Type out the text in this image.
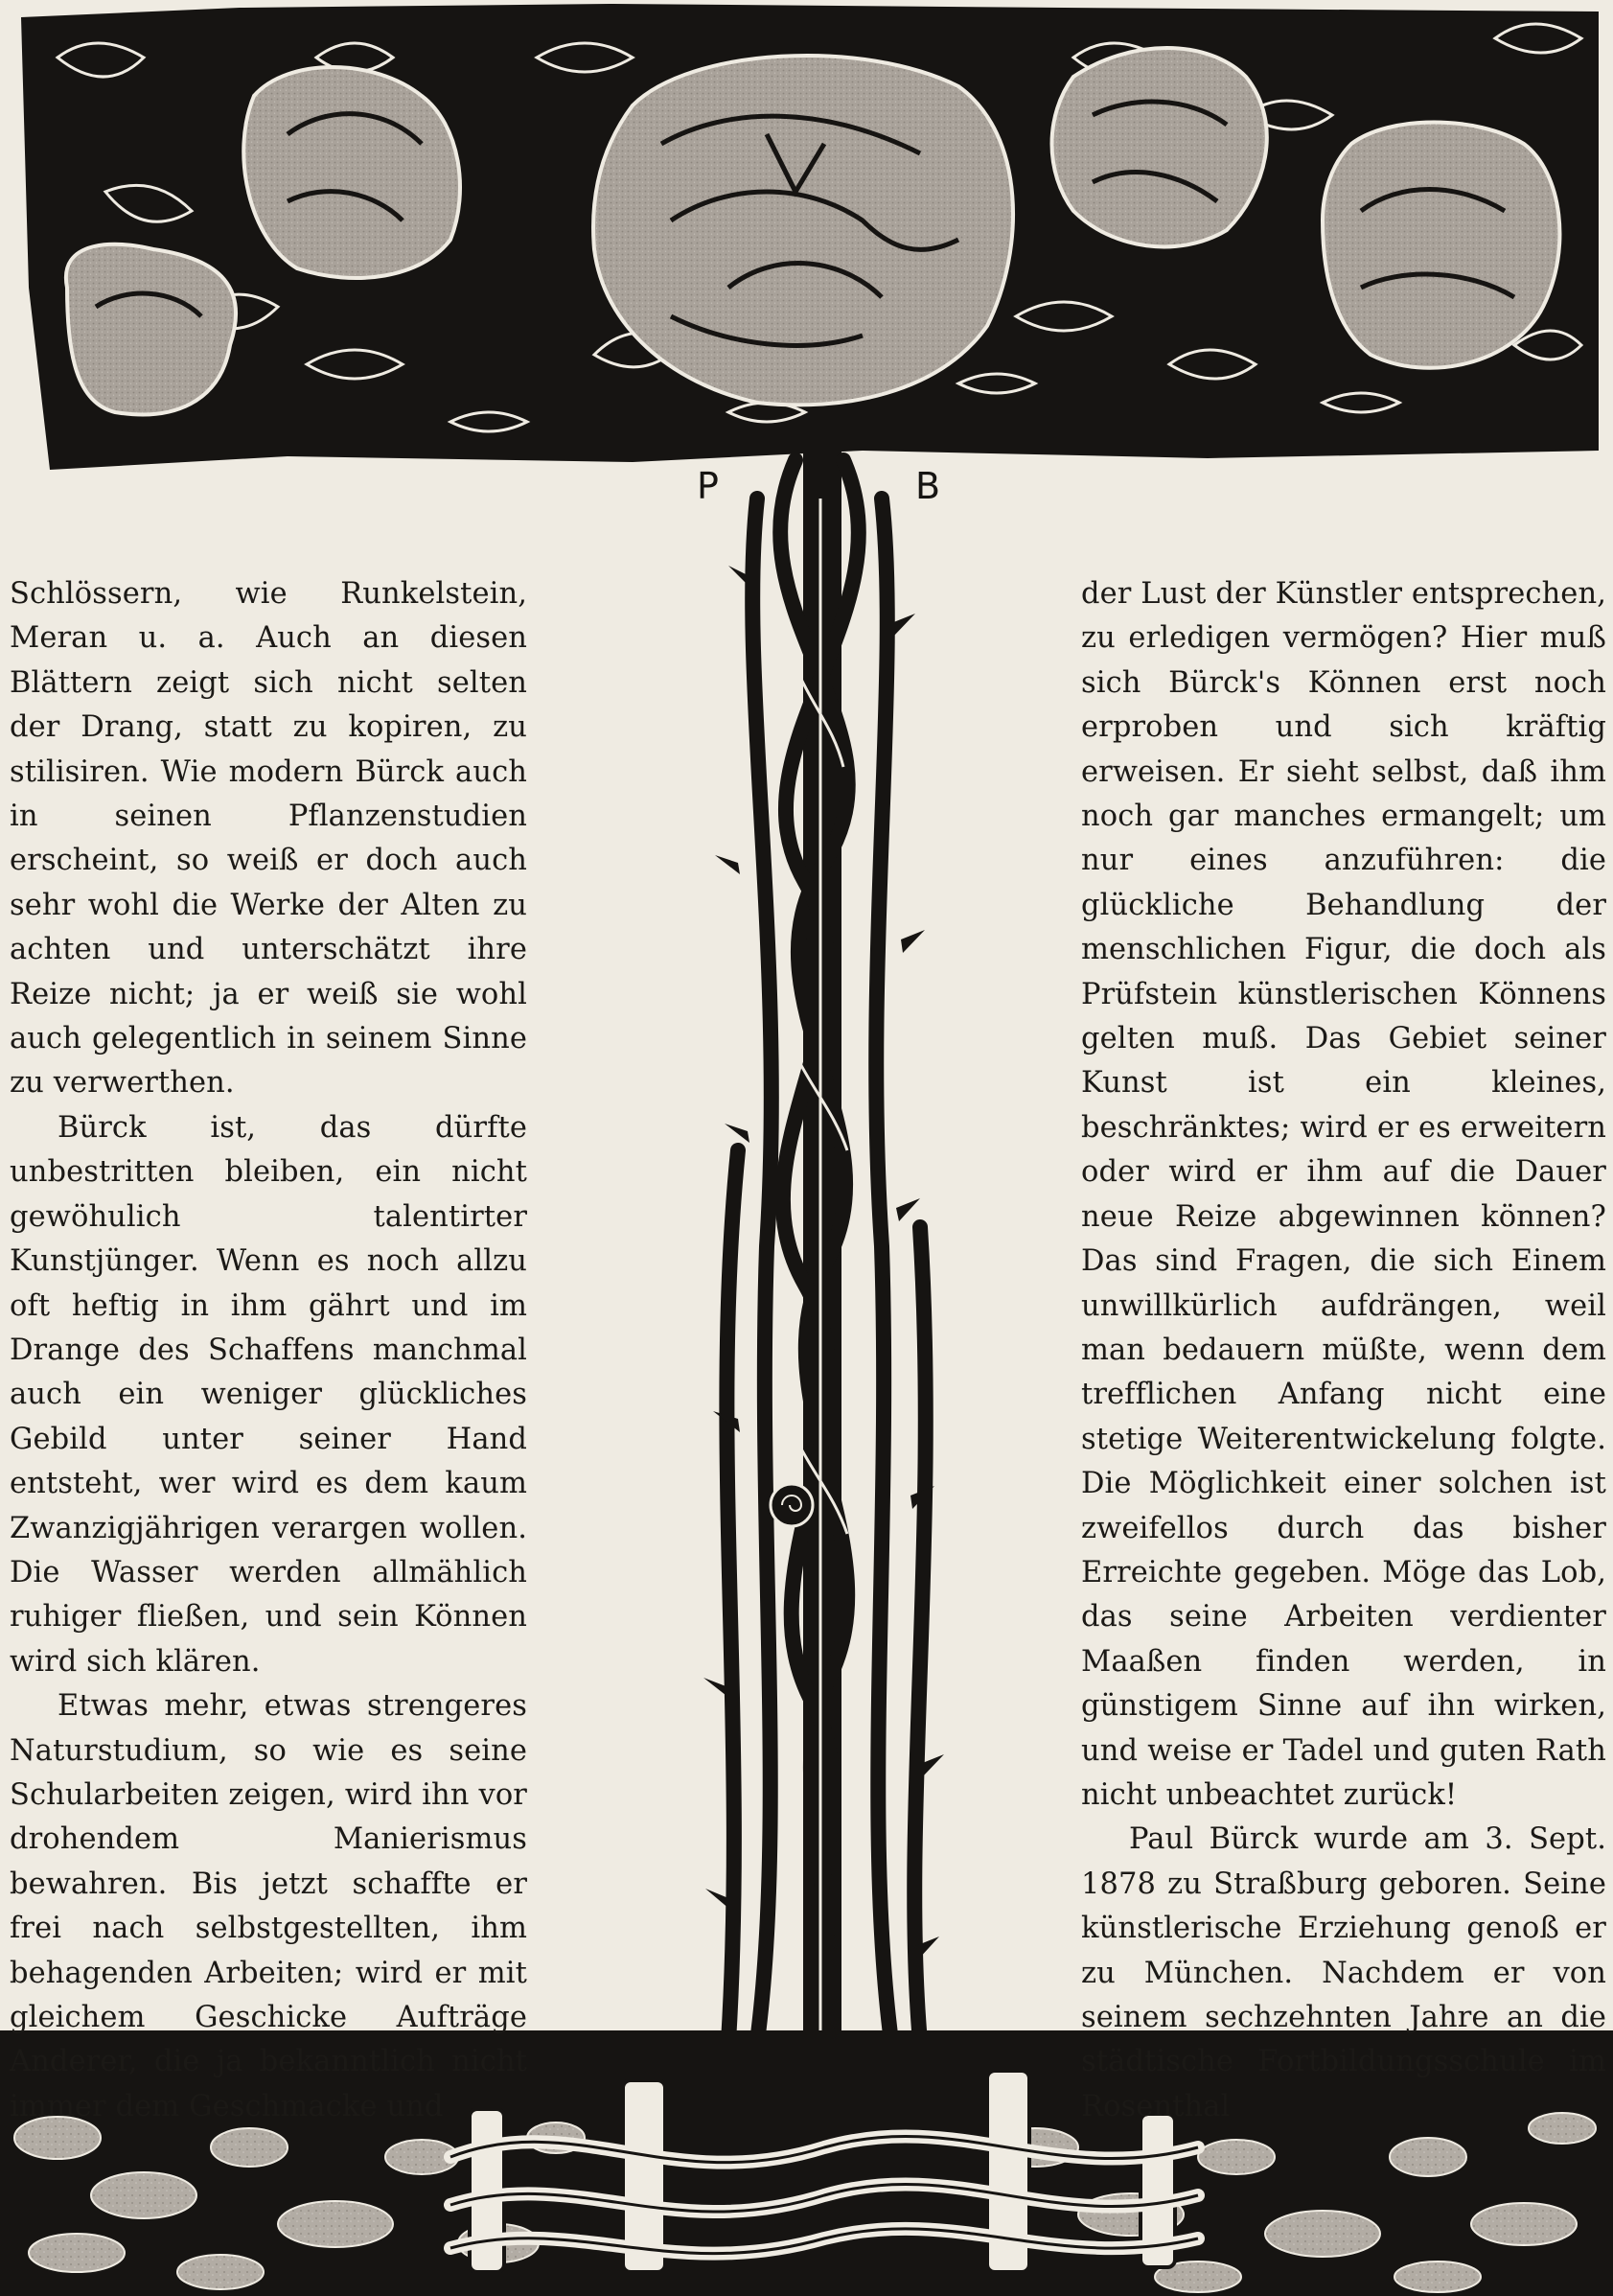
P	B

Schlössern, wie Runkelstein, Meran u. a. Auch an diesen Blättern zeigt sich nicht selten der Drang, statt zu kopiren, zu stilisiren. Wie modern Bürck auch in seinen Pflanzenstudien erscheint, so weiß er doch auch sehr wohl die Werke der Alten zu achten und unterschätzt ihre Reize nicht; ja er weiß sie wohl auch gelegentlich in seinem Sinne zu verwerthen.

Bürck ist, das dürfte unbestritten bleiben, ein nicht gewöhulich talentirter Kunstjünger. Wenn es noch allzu oft heftig in ihm gährt und im Drange des Schaffens manchmal auch ein weniger glückliches Gebild unter seiner Hand entsteht, wer wird es dem kaum Zwanzigjährigen verargen wollen. Die Wasser werden allmählich ruhiger fließen, und sein Können wird sich klären.

Etwas mehr, etwas strengeres Naturstudium, so wie es seine Schularbeiten zeigen, wird ihn vor drohendem Manierismus bewahren. Bis jetzt schaffte er frei nach selbstgestellten, ihm behagenden Arbeiten; wird er mit gleichem Geschicke Aufträge Anderer, die ja bekanntlich nicht immer dem Geschmacke und

der Lust der Künstler entsprechen, zu erledigen vermögen? Hier muß sich Bürck's Können erst noch erproben und sich kräftig erweisen. Er sieht selbst, daß ihm noch gar manches ermangelt; um nur eines anzuführen: die glückliche Behandlung der menschlichen Figur, die doch als Prüfstein künstlerischen Könnens gelten muß. Das Gebiet seiner Kunst ist ein kleines, beschränktes; wird er es erweitern oder wird er ihm auf die Dauer neue Reize abgewinnen können? Das sind Fragen, die sich Einem unwillkürlich aufdrängen, weil man bedauern müßte, wenn dem trefflichen Anfang nicht eine stetige Weiterentwickelung folgte. Die Möglichkeit einer solchen ist zweifellos durch das bisher Erreichte gegeben. Möge das Lob, das seine Arbeiten verdienter Maaßen finden werden, in günstigem Sinne auf ihn wirken, und weise er Tadel und guten Rath nicht unbeachtet zurück!

Paul Bürck wurde am 3. Sept. 1878 zu Straßburg geboren. Seine künstlerische Erziehung genoß er zu München. Nachdem er von seinem sechzehnten Jahre an die städtische Fortbildungsschule im Rosenthal
